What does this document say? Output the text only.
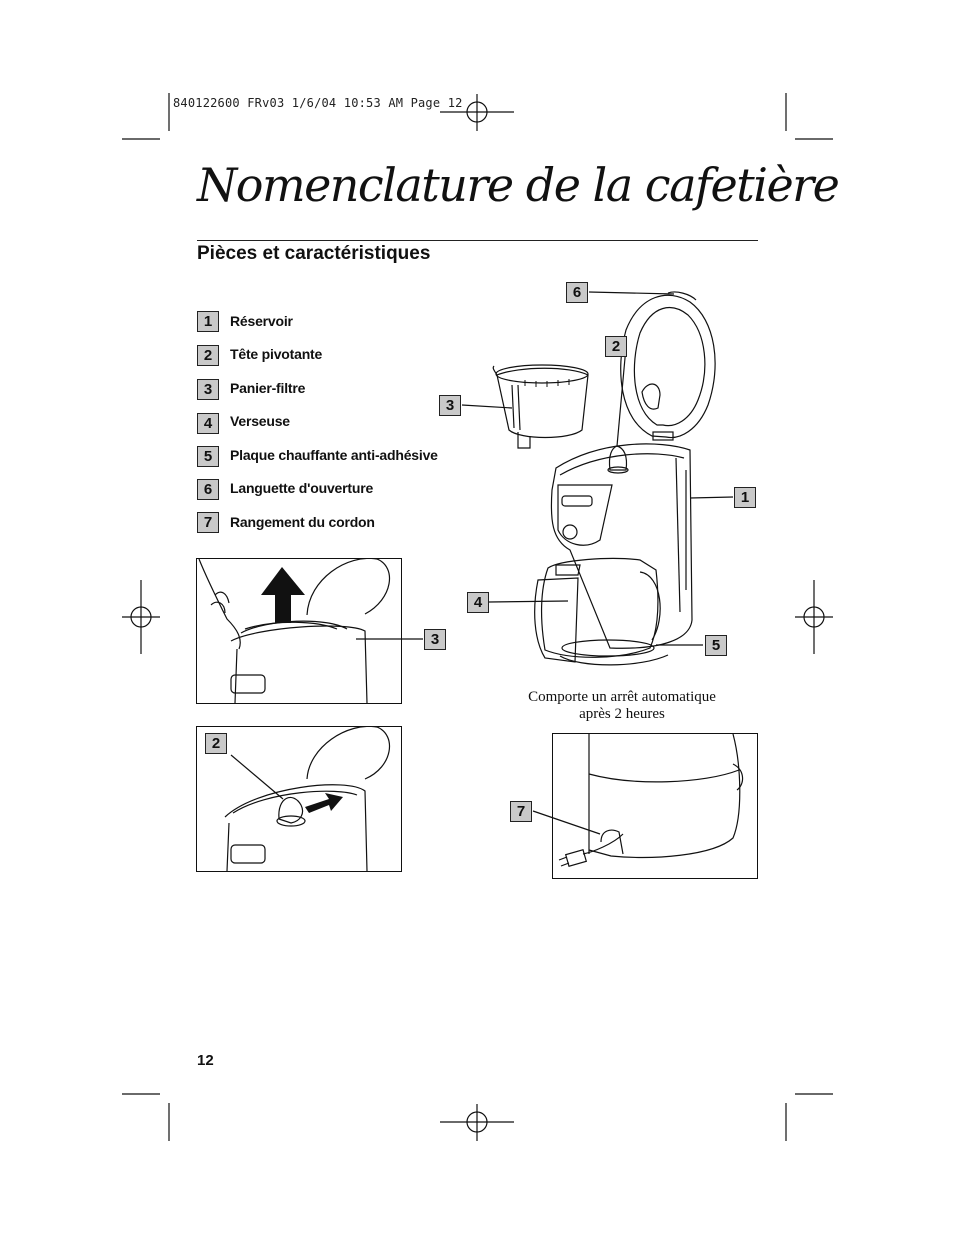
840122600 FRv03 1/6/04 10:53 AM Page 12
Nomenclature de la cafetière
Pièces et caractéristiques
1	Réservoir
2	Tête pivotante
3	Panier-filtre
4	Verseuse
5	Plaque chauffante anti-adhésive
6	Languette d'ouverture
7	Rangement du cordon
6
2
3
1
4
5
3
2
Comporte un arrêt automatique
après 2 heures
7
12
